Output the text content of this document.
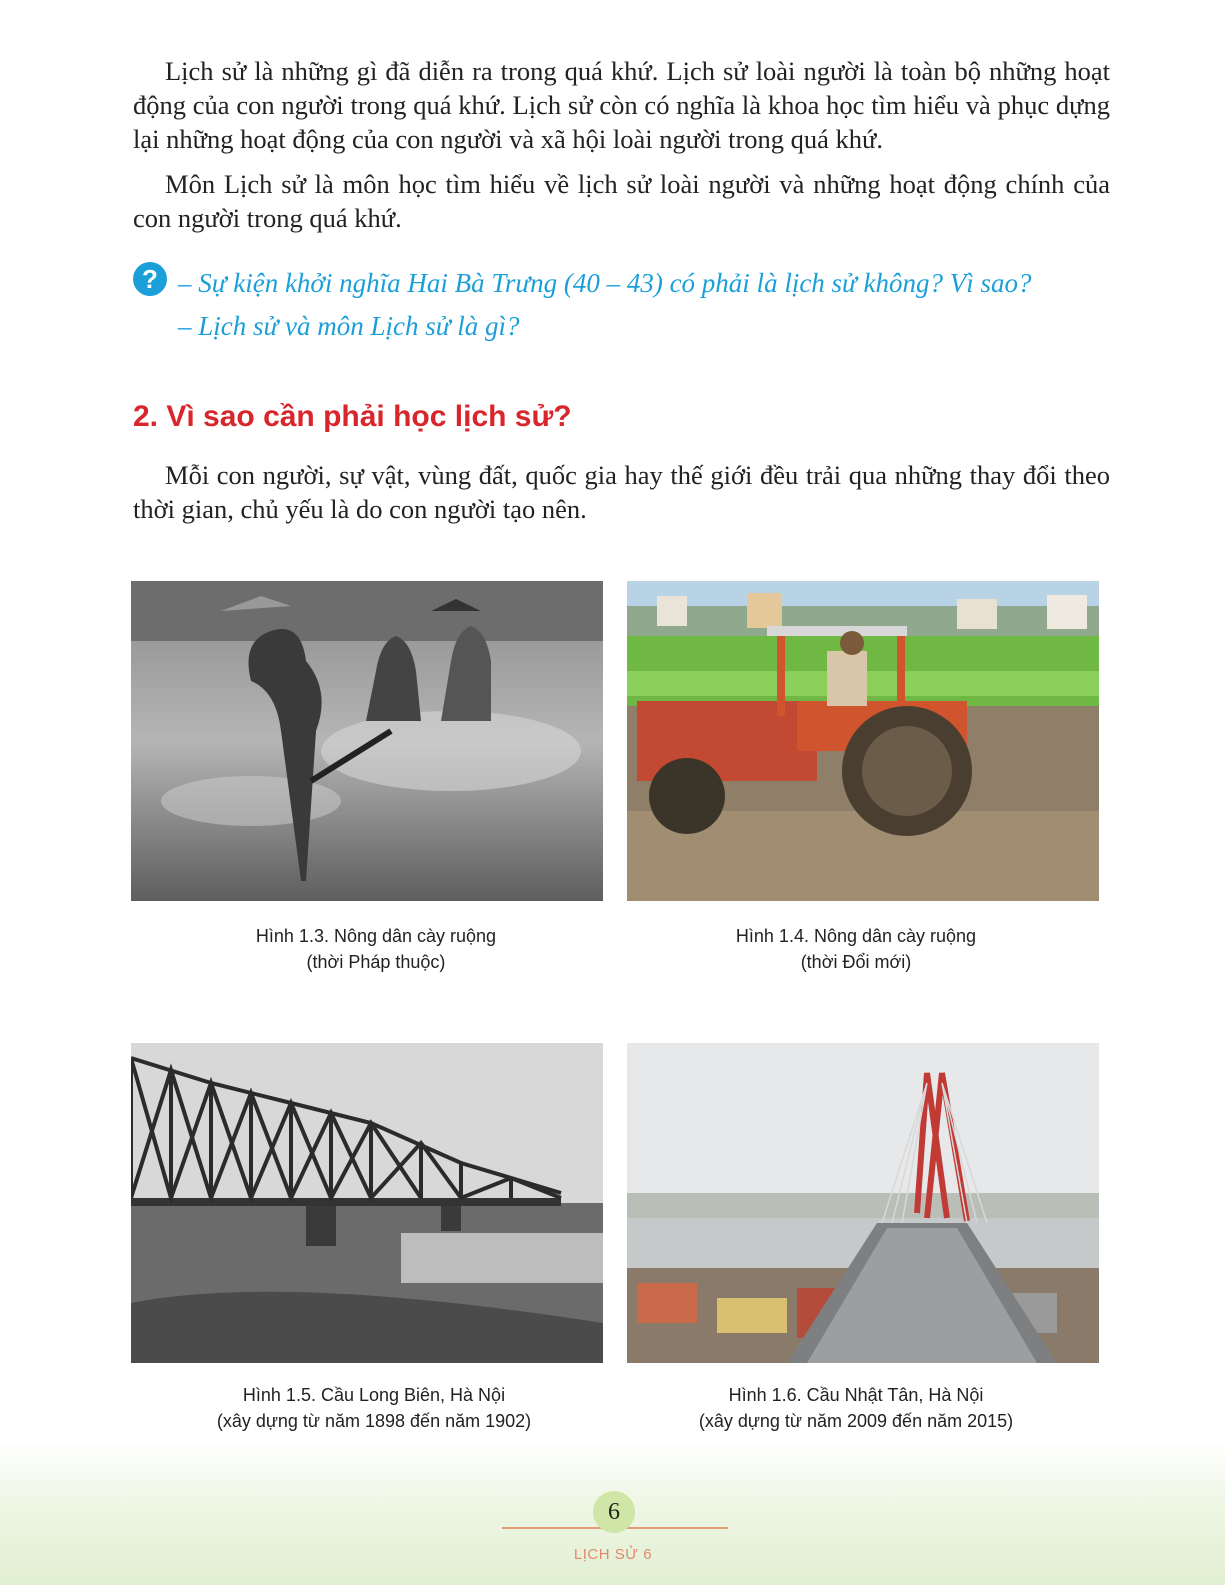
Lịch sử là những gì đã diễn ra trong quá khứ. Lịch sử loài người là toàn bộ những hoạt động của con người trong quá khứ. Lịch sử còn có nghĩa là khoa học tìm hiểu và phục dựng lại những hoạt động của con người và xã hội loài người trong quá khứ.

Môn Lịch sử là môn học tìm hiểu về lịch sử loài người và những hoạt động chính của con người trong quá khứ.

? – Sự kiện khởi nghĩa Hai Bà Trưng (40 – 43) có phải là lịch sử không? Vì sao?
– Lịch sử và môn Lịch sử là gì?
2. Vì sao cần phải học lịch sử?

Mỗi con người, sự vật, vùng đất, quốc gia hay thế giới đều trải qua những thay đổi theo thời gian, chủ yếu là do con người tạo nên.

Hình 1.3. Nông dân cày ruộng
(thời Pháp thuộc)
Hình 1.4. Nông dân cày ruộng
(thời Đổi mới)
Hình 1.5. Cầu Long Biên, Hà Nội
(xây dựng từ năm 1898 đến năm 1902)
Hình 1.6. Cầu Nhật Tân, Hà Nội
(xây dựng từ năm 2009 đến năm 2015)
6
LỊCH SỬ 6
